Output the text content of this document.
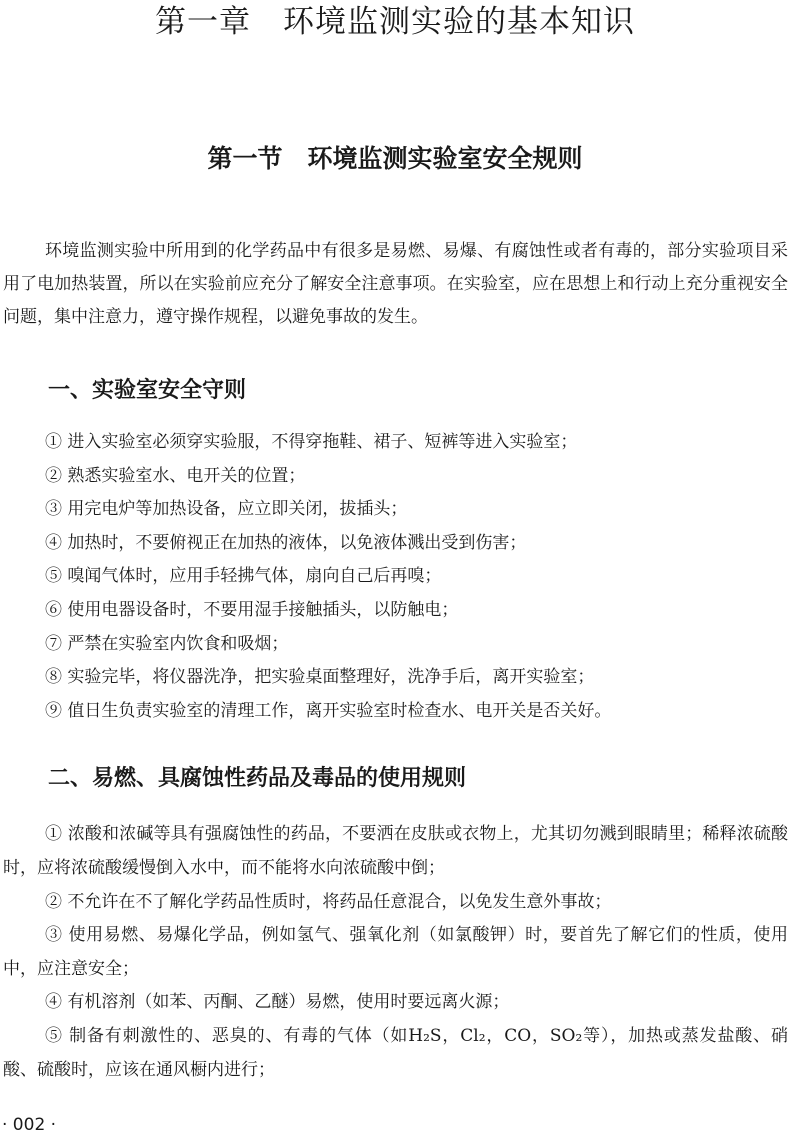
第一章　环境监测实验的基本知识
第一节　环境监测实验室安全规则

环境监测实验中所用到的化学药品中有很多是易燃、易爆、有腐蚀性或者有毒的，部分实验项目采用了电加热装置，所以在实验前应充分了解安全注意事项。在实验室，应在思想上和行动上充分重视安全问题，集中注意力，遵守操作规程，以避免事故的发生。

一、实验室安全守则

① 进入实验室必须穿实验服，不得穿拖鞋、裙子、短裤等进入实验室；

② 熟悉实验室水、电开关的位置；

③ 用完电炉等加热设备，应立即关闭，拔插头；

④ 加热时，不要俯视正在加热的液体，以免液体溅出受到伤害；

⑤ 嗅闻气体时，应用手轻拂气体，扇向自己后再嗅；

⑥ 使用电器设备时，不要用湿手接触插头，以防触电；

⑦ 严禁在实验室内饮食和吸烟；

⑧ 实验完毕，将仪器洗净，把实验桌面整理好，洗净手后，离开实验室；

⑨ 值日生负责实验室的清理工作，离开实验室时检查水、电开关是否关好。

二、易燃、具腐蚀性药品及毒品的使用规则

① 浓酸和浓碱等具有强腐蚀性的药品，不要洒在皮肤或衣物上，尤其切勿溅到眼睛里；稀释浓硫酸时，应将浓硫酸缓慢倒入水中，而不能将水向浓硫酸中倒；

② 不允许在不了解化学药品性质时，将药品任意混合，以免发生意外事故；

③ 使用易燃、易爆化学品，例如氢气、强氧化剂（如氯酸钾）时，要首先了解它们的性质，使用中，应注意安全；

④ 有机溶剂（如苯、丙酮、乙醚）易燃，使用时要远离火源；

⑤ 制备有刺激性的、恶臭的、有毒的气体（如H₂S，Cl₂，CO，SO₂等），加热或蒸发盐酸、硝酸、硫酸时，应该在通风橱内进行；

· 002 ·
